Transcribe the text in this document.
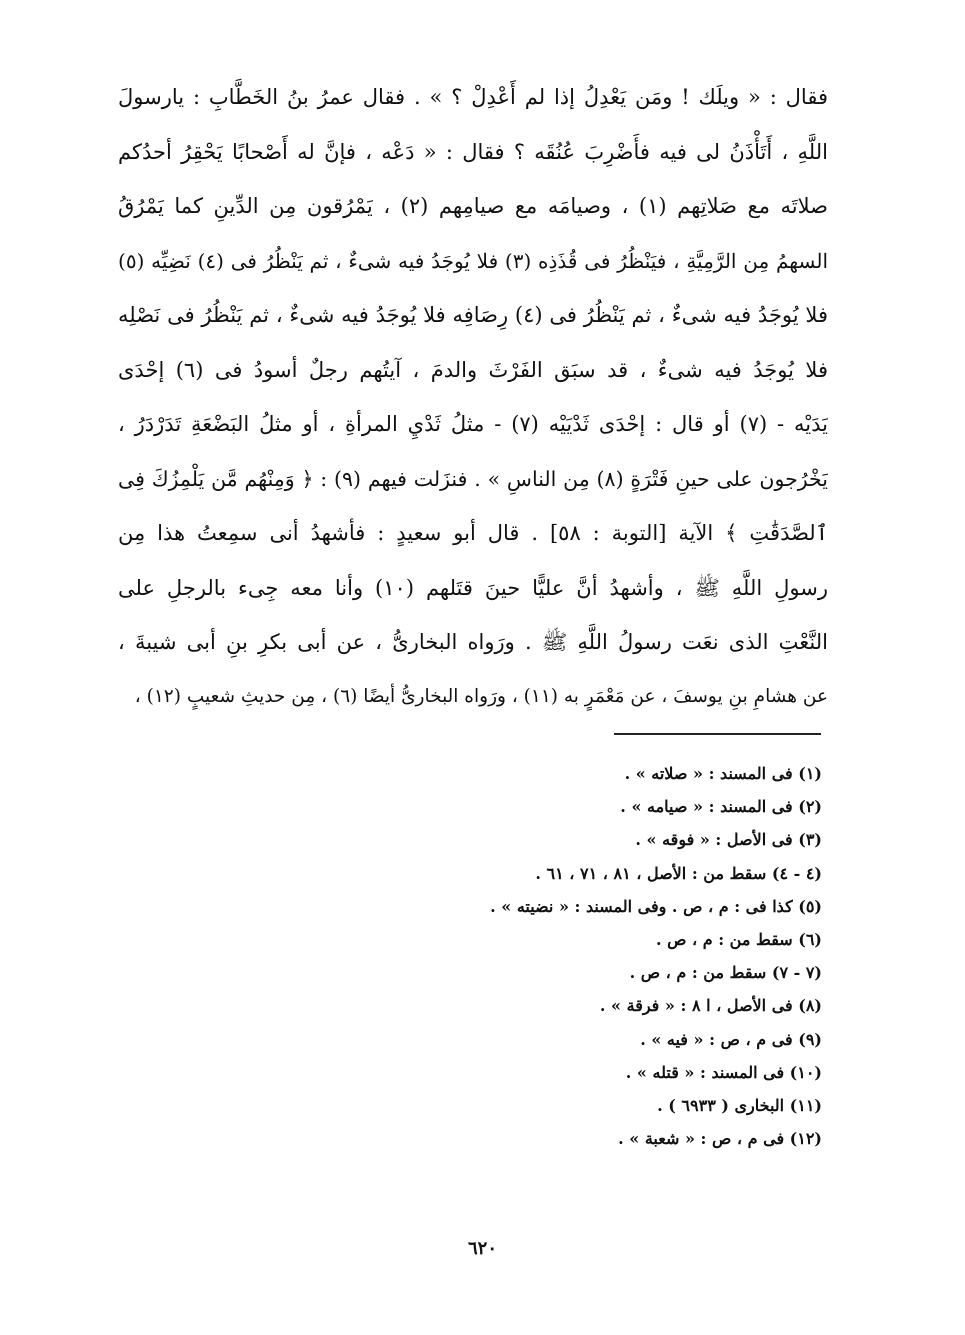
فقال : « ويلَك ! ومَن يَعْدِلُ إذا لم أَعْدِلْ ؟ » . فقال عمرُ بنُ الخَطَّابِ : يارسولَ
اللَّهِ ، أَتَأْذَنُ لى فيه فأَضْرِبَ عُنُقَه ؟ فقال : « دَعْه ، فإنَّ له أَصْحابًا يَحْقِرُ أحدُكم
صلاتَه مع صَلاتِهم (١) ، وصيامَه مع صيامِهم (٢) ، يَمْرُقون مِن الدِّينِ كما يَمْرُقُ
السهمُ مِن الرَّمِيَّةِ ، فيَنْظُرُ فى قُذَذِه (٣) فلا يُوجَدُ فيه شىءٌ ، ثم يَنْظُرُ فى (٤) نَضِيِّه (٥)
فلا يُوجَدُ فيه شىءٌ ، ثم يَنْظُرُ فى (٤) رِصَافِه فلا يُوجَدُ فيه شىءٌ ، ثم يَنْظُرُ فى نَصْلِه
فلا يُوجَدُ فيه شىءٌ ، قد سبَق الفَرْثَ والدمَ ، آيتُهم رجلٌ أسودُ فى (٦) إحْدَى
يَدَيْه - (٧) أو قال : إحْدَى ثَدْيَيْه (٧) - مثلُ ثَدْيِ المرأةِ ، أو مثلُ البَضْعَةِ تَدَرْدَرُ ،
يَخْرُجون على حينِ فَتْرَةٍ (٨) مِن الناسِ » . فنزَلت فيهم (٩) : ﴿ وَمِنْهُم مَّن يَلْمِزُكَ فِى
ٱلصَّدَقَٰتِ ﴾ الآية [التوبة : ٥٨] . قال أبو سعيدٍ : فأشهدُ أنى سمِعتُ هذا مِن
رسولِ اللَّهِ ﷺ ، وأشهدُ أنَّ عليًّا حينَ قتَلهم (١٠) وأنا معه جِىء بالرجلِ على
النَّعْتِ الذى نعَت رسولُ اللَّهِ ﷺ . ورَواه البخارىُّ ، عن أبى بكرِ بنِ أبى شيبةَ ،
عن هشامِ بنِ يوسفَ ، عن مَعْمَرٍ به (١١) ، ورَواه البخارىُّ أيضًا (٦) ، مِن حديثِ شعيبٍ (١٢) ،
(١) فى المسند : « صلاته » .
(٢) فى المسند : « صيامه » .
(٣) فى الأصل : « فوقه » .
(٤ - ٤) سقط من : الأصل ، ٨١ ، ٧١ ، ٦١ .
(٥) كذا فى : م ، ص . وفى المسند : « نضيته » .
(٦) سقط من : م ، ص .
(٧ - ٧) سقط من : م ، ص .
(٨) فى الأصل ، ا ٨ : « فرقة » .
(٩) فى م ، ص : « فيه » .
(١٠) فى المسند : « قتله » .
(١١) البخارى ( ٦٩٣٣ ) .
(١٢) فى م ، ص : « شعبة » .
٦٢٠
